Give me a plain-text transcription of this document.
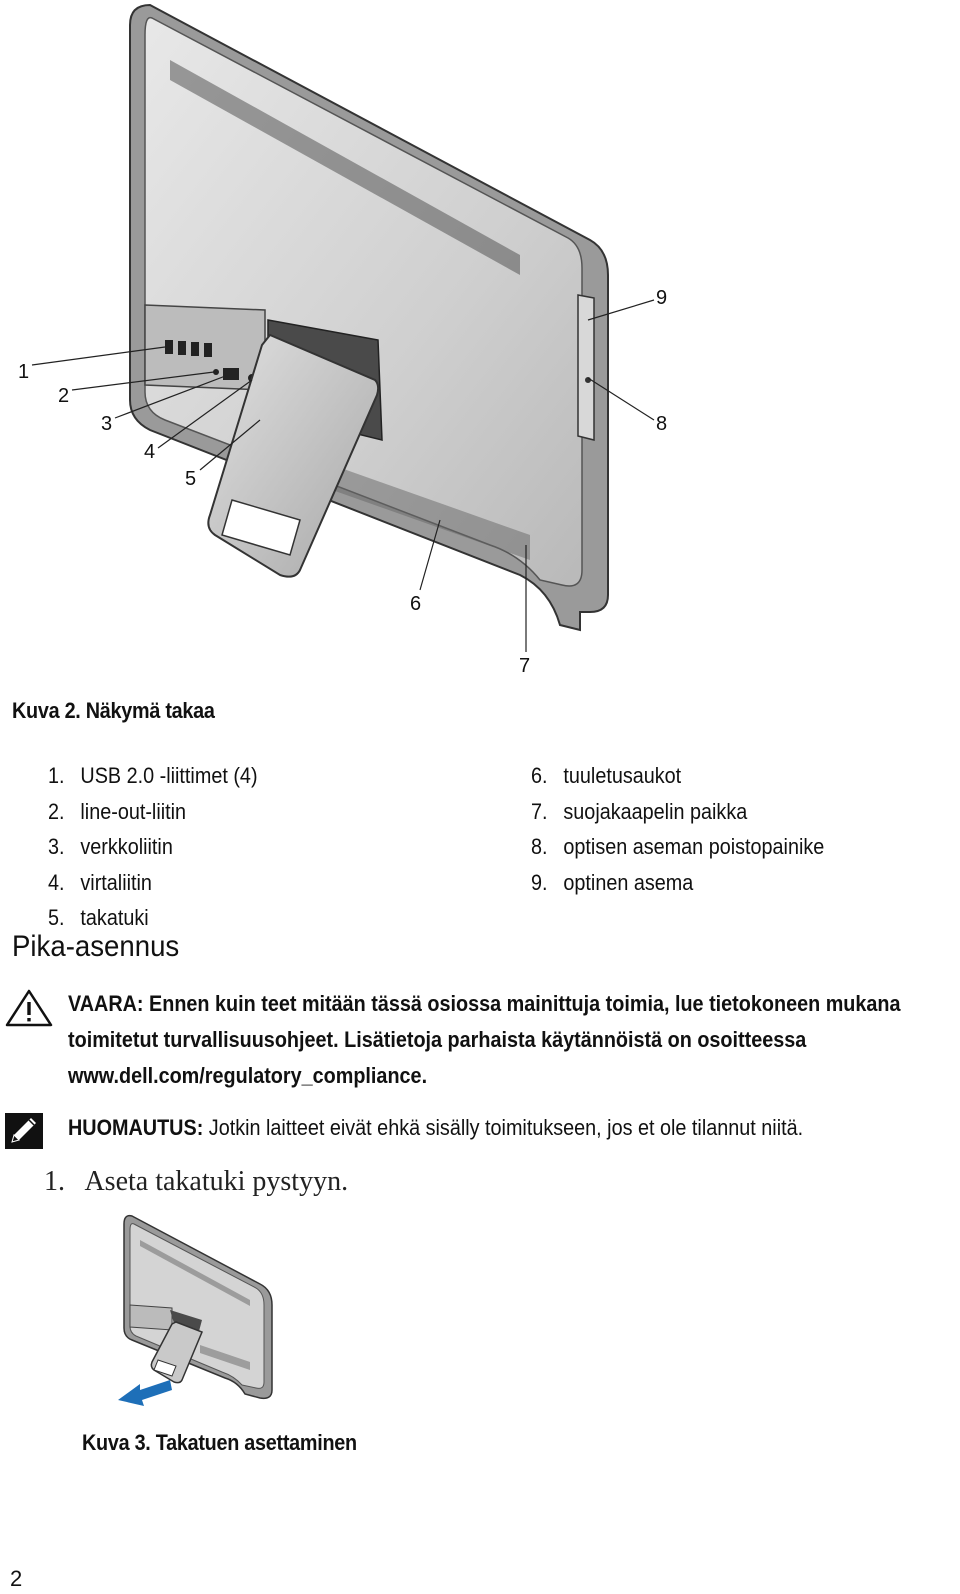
1
2
3
4
5
6
7
8
9
Kuva 2. Näkymä takaa
1. USB 2.0 -liittimet (4)
2. line-out-liitin
3. verkkoliitin
4. virtaliitin
5. takatuki
6. tuuletusaukot
7. suojakaapelin paikka
8. optisen aseman poistopainike
9. optinen asema
Pika-asennus
VAARA: Ennen kuin teet mitään tässä osiossa mainittuja toimia, lue tietokoneen mukana toimitetut turvallisuusohjeet. Lisätietoja parhaista käytännöistä on osoitteessa www.dell.com/regulatory_compliance.
HUOMAUTUS: Jotkin laitteet eivät ehkä sisälly toimitukseen, jos et ole tilannut niitä.
1.   Aseta takatuki pystyyn.
Kuva 3. Takatuen asettaminen
2
